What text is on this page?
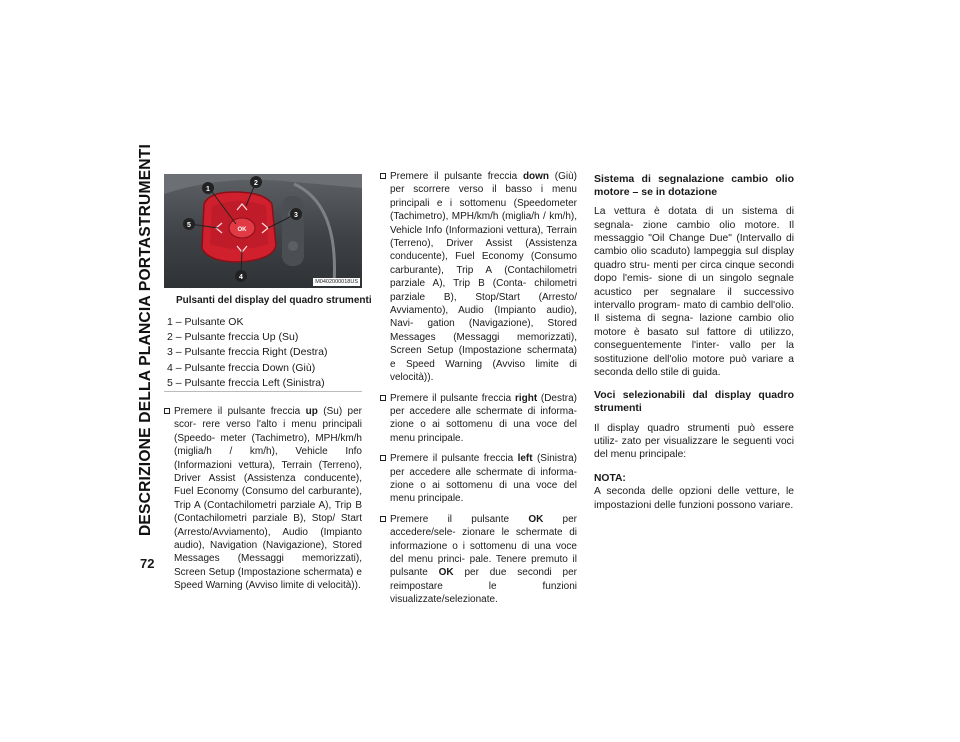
DESCRIZIONE DELLA PLANCIA PORTASTRUMENTI
72
OK
1
2
3
4
5
M0402000018US
Pulsanti del display del quadro strumenti
1 – Pulsante OK
2 – Pulsante freccia Up (Su)
3 – Pulsante freccia Right (Destra)
4 – Pulsante freccia Down (Giù)
5 – Pulsante freccia Left (Sinistra)
Premere il pulsante freccia up (Su) per scor- rere verso l'alto i menu principali (Speedo- meter (Tachimetro), MPH/km/h (miglia/h / km/h), Vehicle Info (Informazioni vettura), Terrain (Terreno), Driver Assist (Assistenza conducente), Fuel Economy (Consumo del carburante), Trip A (Contachilometri parziale A), Trip B (Contachilometri parziale B), Stop/ Start (Arresto/Avviamento), Audio (Impianto audio), Navigation (Navigazione), Stored Messages (Messaggi memorizzati), Screen Setup (Impostazione schermata) e Speed Warning (Avviso limite di velocità)).
Premere il pulsante freccia down (Giù) per scorrere verso il basso i menu principali e i sottomenu (Speedometer (Tachimetro), MPH/km/h (miglia/h / km/h), Vehicle Info (Informazioni vettura), Terrain (Terreno), Driver Assist (Assistenza conducente), Fuel Economy (Consumo carburante), Trip A (Contachilometri parziale A), Trip B (Conta- chilometri parziale B), Stop/Start (Arresto/ Avviamento), Audio (Impianto audio), Navi- gation (Navigazione), Stored Messages (Messaggi memorizzati), Screen Setup (Impostazione schermata) e Speed Warning (Avviso limite di velocità)).
Premere il pulsante freccia right (Destra) per accedere alle schermate di informa- zione o ai sottomenu di una voce del menu principale.
Premere il pulsante freccia left (Sinistra) per accedere alle schermate di informa- zione o ai sottomenu di una voce del menu principale.
Premere il pulsante OK per accedere/sele- zionare le schermate di informazione o i sottomenu di una voce del menu princi- pale. Tenere premuto il pulsante OK per due secondi per reimpostare le funzioni visualizzate/selezionate.
Sistema di segnalazione cambio olio motore – se in dotazione
La vettura è dotata di un sistema di segnala- zione cambio olio motore. Il messaggio "Oil Change Due" (Intervallo di cambio olio scaduto) lampeggia sul display quadro stru- menti per circa cinque secondi dopo l'emis- sione di un singolo segnale acustico per segnalare il successivo intervallo program- mato di cambio dell'olio. Il sistema di segna- lazione cambio olio motore è basato sul fattore di utilizzo, conseguentemente l'inter- vallo per la sostituzione dell'olio motore può variare a seconda dello stile di guida.
Voci selezionabili dal display quadro strumenti
Il display quadro strumenti può essere utiliz- zato per visualizzare le seguenti voci del menu principale:
NOTA:
A seconda delle opzioni delle vetture, le impostazioni delle funzioni possono variare.
